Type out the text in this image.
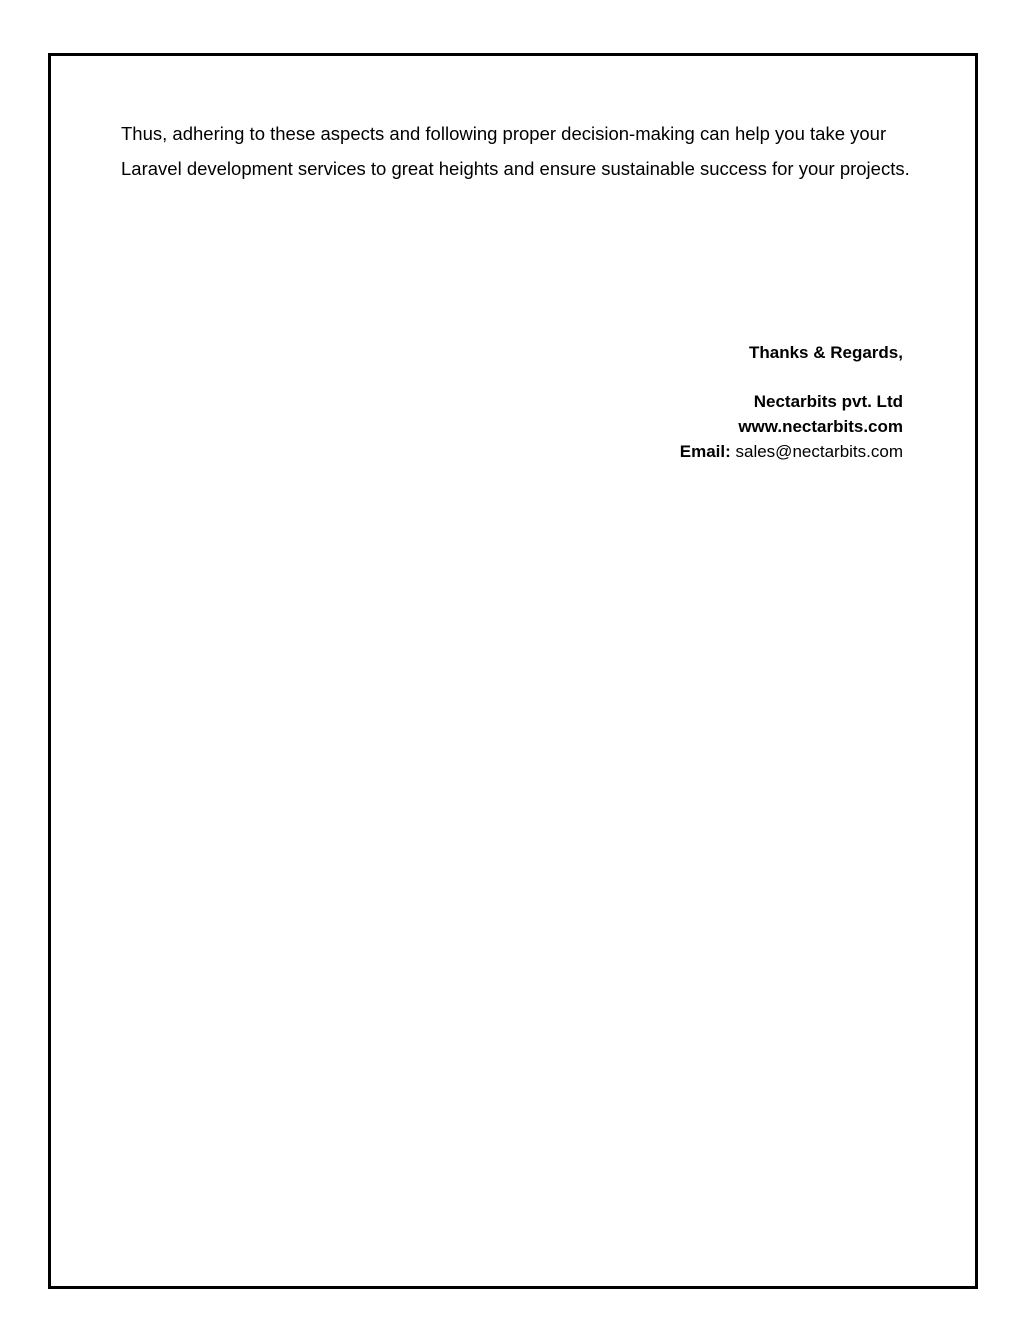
Thus, adhering to these aspects and following proper decision-making can help you take your Laravel development services to great heights and ensure sustainable success for your projects.

Thanks & Regards,
Nectarbits pvt. Ltd
www.nectarbits.com
Email: sales@nectarbits.com
